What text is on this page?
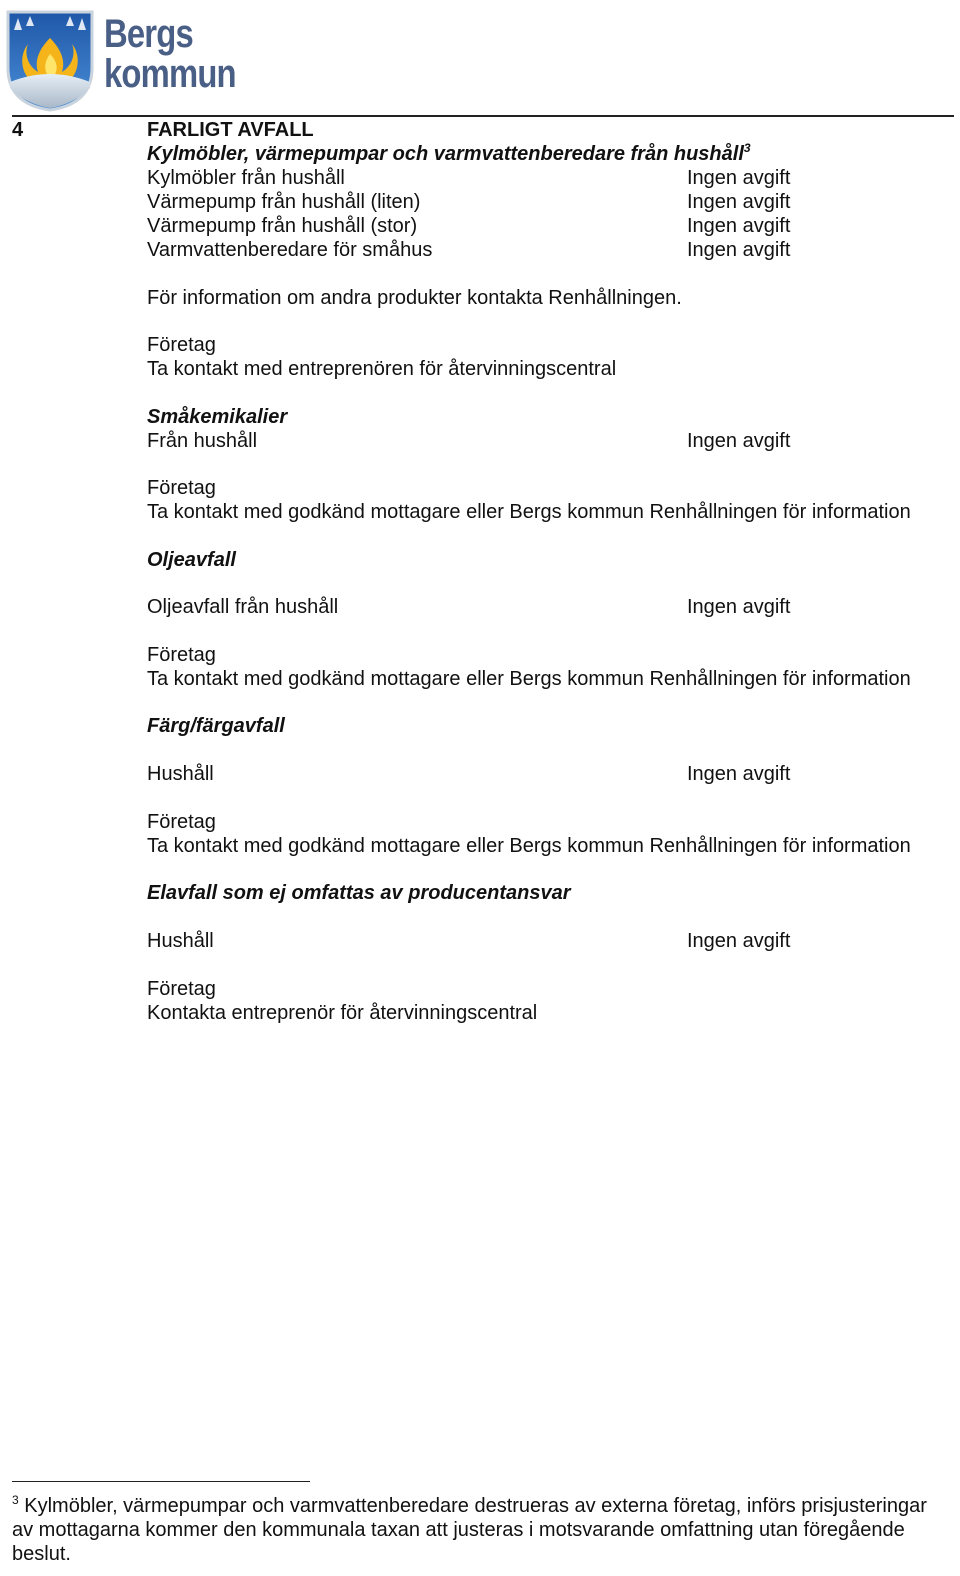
Bergs
kommun
4	FARLIGT AVFALL
Kylmöbler, värmepumpar och varmvattenberedare från hushåll$^3$
Kylmöbler från hushåll	Ingen avgift
Värmepump från hushåll (liten)	Ingen avgift
Värmepump från hushåll (stor)	Ingen avgift
Varmvattenberedare för småhus	Ingen avgift
För information om andra produkter kontakta Renhållningen.
Företag
Ta kontakt med entreprenören för återvinningscentral
Småkemikalier
Från hushåll	Ingen avgift
Företag
Ta kontakt med godkänd mottagare eller Bergs kommun Renhållningen för information
Oljeavfall
Oljeavfall från hushåll	Ingen avgift
Företag
Ta kontakt med godkänd mottagare eller Bergs kommun Renhållningen för information
Färg/färgavfall
Hushåll	Ingen avgift
Företag
Ta kontakt med godkänd mottagare eller Bergs kommun Renhållningen för information
Elavfall som ej omfattas av producentansvar
Hushåll	Ingen avgift
Företag
Kontakta entreprenör för återvinningscentral
$^3$ Kylmöbler, värmepumpar och varmvattenberedare destrueras av externa företag, införs prisjusteringar av mottagarna kommer den kommunala taxan att justeras i motsvarande omfattning utan föregående beslut.
